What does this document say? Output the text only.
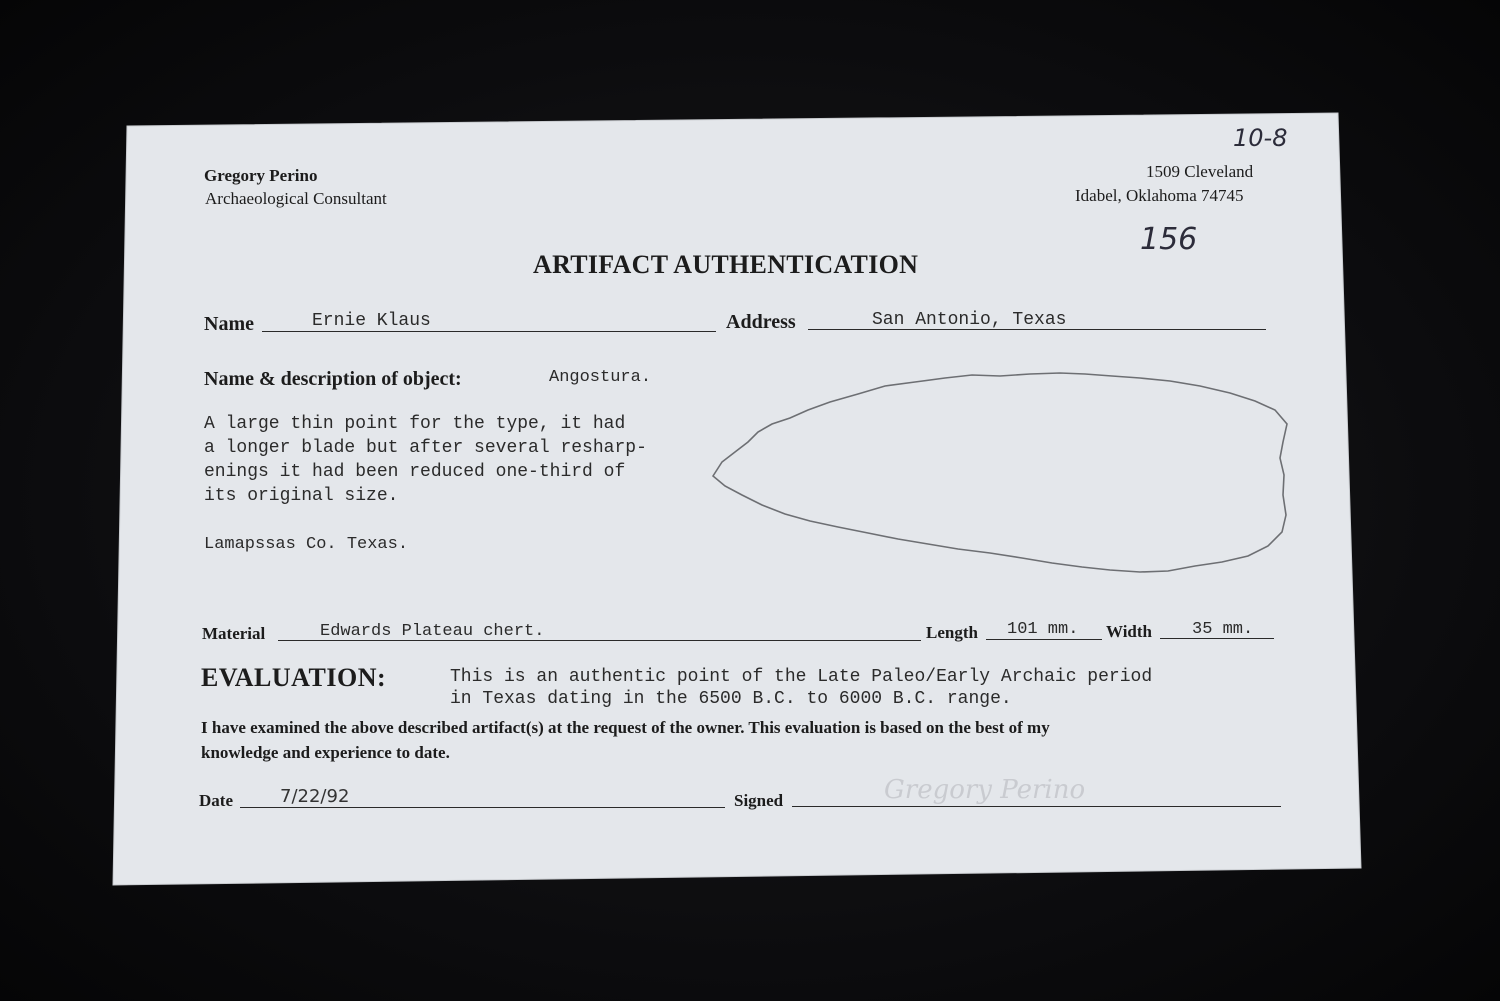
Gregory Perino
Archaeological Consultant
1509 Cleveland
Idabel, Oklahoma 74745
10-8
156
ARTIFACT AUTHENTICATION
Name	Ernie Klaus	Address	San Antonio, Texas
Name & description of object:	Angostura.
A large thin point for the type, it had
a longer blade but after several resharp-
enings it had been reduced one-third of
its original size.
Lamapssas Co. Texas.
Material	Edwards Plateau chert.	Length 101 mm. Width 35 mm.
EVALUATION:	This is an authentic point of the Late Paleo/Early Archaic period
in Texas dating in the 6500 B.C. to 6000 B.C. range.
I have examined the above described artifact(s) at the request of the owner. This evaluation is based on the best of my
knowledge and experience to date.
Date	7/22/92	Signed	Gregory Perino
